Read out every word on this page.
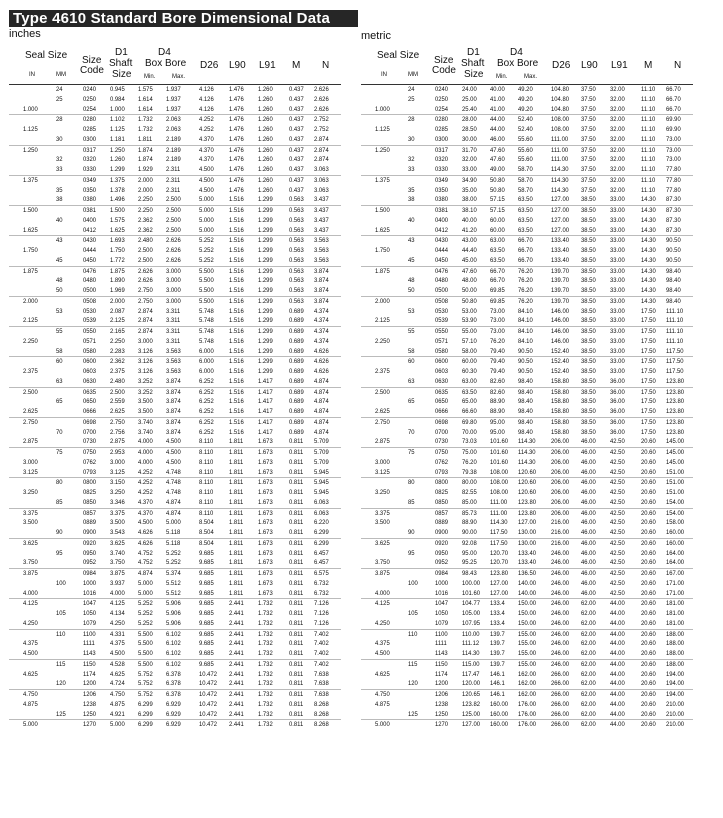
Type 4610 Standard Bore Dimensional Data
inches	metric
Seal Size
IN	MM
Size
Code
D1
Shaft
Size
D4
Box Bore
Min.	Max.
D26 L90 L91 M N
24	0240 0.945 1.575 1.937	4.126 1.476 1.260	0.437 2.626
25	0250 0.984 1.614 1.937	4.126 1.476 1.260	0.437 2.626
1.000	0254 1.000 1.614 1.937	4.126 1.476 1.260	0.437 2.626
28	0280 1.102 1.732 2.063	4.252 1.476 1.260	0.437 2.752
1.125	0285 1.125 1.732 2.063	4.252 1.476 1.260	0.437 2.752
30	0300 1.181 1.811 2.189	4.370 1.476 1.260	0.437 2.874
1.250	0317 1.250 1.874 2.189	4.370 1.476 1.260	0.437 2.874
32	0320 1.260 1.874 2.189	4.370 1.476 1.260	0.437 2.874
33	0330 1.299 1.929 2.311	4.500 1.476 1.260	0.437 3.063
1.375	0349 1.375 2.000 2.311	4.500 1.476 1.260	0.437 3.063
35	0350 1.378 2.000 2.311	4.500 1.476 1.260	0.437 3.063
38	0380 1.496 2.250 2.500	5.000 1.516 1.299	0.563 3.437
1.500	0381 1.500 2.250 2.500	5.000 1.516 1.299	0.563 3.437
40	0400 1.575 2.362 2.500	5.000 1.516 1.299	0.563 3.437
1.625	0412 1.625 2.362 2.500	5.000 1.516 1.299	0.563 3.437
43	0430 1.693 2.480 2.626	5.252 1.516 1.299	0.563 3.563
1.750	0444 1.750 2.500 2.626	5.252 1.516 1.299	0.563 3.563
45	0450 1.772 2.500 2.626	5.252 1.516 1.299	0.563 3.563
1.875	0476 1.875 2.626 3.000	5.500 1.516 1.299	0.563 3.874
48	0480 1.890 2.626 3.000	5.500 1.516 1.299	0.563 3.874
50	0500 1.969 2.750 3.000	5.500 1.516 1.299	0.563 3.874
2.000	0508 2.000 2.750 3.000	5.500 1.516 1.299	0.563 3.874
53	0530 2.087 2.874 3.311	5.748 1.516 1.299	0.689 4.374
2.125	0539 2.125 2.874 3.311	5.748 1.516 1.299	0.689 4.374
55	0550 2.165 2.874 3.311	5.748 1.516 1.299	0.689 4.374
2.250	0571 2.250 3.000 3.311	5.748 1.516 1.299	0.689 4.374
58	0580 2.283 3.126 3.563	6.000 1.516 1.299	0.689 4.626
60	0600 2.362 3.126 3.563	6.000 1.516 1.299	0.689 4.626
2.375	0603 2.375 3.126 3.563	6.000 1.516 1.299	0.689 4.626
63	0630 2.480 3.252 3.874	6.252 1.516 1.417	0.689 4.874
2.500	0635 2.500 3.252 3.874	6.252 1.516 1.417	0.689 4.874
65	0650 2.559 3.500 3.874	6.252 1.516 1.417	0.689 4.874
2.625	0666 2.625 3.500 3.874	6.252 1.516 1.417	0.689 4.874
2.750	0698 2.750 3.740 3.874	6.252 1.516 1.417	0.689 4.874
70	0700 2.756 3.740 3.874	6.252 1.516 1.417	0.689 4.874
2.875	0730 2.875 4.000 4.500	8.110 1.811 1.673	0.811 5.709
75	0750 2.953 4.000 4.500	8.110 1.811 1.673	0.811 5.709
3.000	0762 3.000 4.000 4.500	8.110 1.811 1.673	0.811 5.709
3.125	0793 3.125 4.252 4.748	8.110 1.811 1.673	0.811 5.945
80	0800 3.150 4.252 4.748	8.110 1.811 1.673	0.811 5.945
3.250	0825 3.250 4.252 4.748	8.110 1.811 1.673	0.811 5.945
85	0850 3.346 4.370 4.874	8.110 1.811 1.673	0.811 6.063
3.375	0857 3.375 4.370 4.874	8.110 1.811 1.673	0.811 6.063
3.500	0889 3.500 4.500 5.000	8.504 1.811 1.673	0.811 6.220
90	0900 3.543 4.626 5.118	8.504 1.811 1.673	0.811 6.299
3.625	0920 3.625 4.626 5.118	8.504 1.811 1.673	0.811 6.299
95	0950 3.740 4.752 5.252	9.685 1.811 1.673	0.811 6.457
3.750	0952 3.750 4.752 5.252	9.685 1.811 1.673	0.811 6.457
3.875	0984 3.875 4.874 5.374	9.685 1.811 1.673	0.811 6.575
100	1000 3.937 5.000 5.512	9.685 1.811 1.673	0.811 6.732
4.000	1016 4.000 5.000 5.512	9.685 1.811 1.673	0.811 6.732
4.125	1047 4.125 5.252 5.906	9.685 2.441 1.732	0.811 7.126
105	1050 4.134 5.252 5.906	9.685 2.441 1.732	0.811 7.126
4.250	1079 4.250 5.252 5.906	9.685 2.441 1.732	0.811 7.126
110	1100 4.331 5.500 6.102	9.685 2.441 1.732	0.811 7.402
4.375	1111 4.375 5.500 6.102	9.685 2.441 1.732	0.811 7.402
4.500	1143 4.500 5.500 6.102	9.685 2.441 1.732	0.811 7.402
115	1150 4.528 5.500 6.102	9.685 2.441 1.732	0.811 7.402
4.625	1174 4.625 5.752 6.378	10.472 2.441 1.732	0.811 7.638
120	1200 4.724 5.752 6.378	10.472 2.441 1.732	0.811 7.638
4.750	1206 4.750 5.752 6.378	10.472 2.441 1.732	0.811 7.638
4.875	1238 4.875 6.299 6.929	10.472 2.441 1.732	0.811 8.268
125	1250 4.921 6.299 6.929	10.472 2.441 1.732	0.811 8.268
5.000	1270 5.000 6.299 6.929	10.472 2.441 1.732	0.811 8.268
Seal Size
IN	MM
Size
Code
D1
Shaft
Size
D4
Box Bore
Min.	Max.
D26 L90 L91 M N
24	0240 24.00 40.00 49.20	104.80 37.50 32.00	11.10 66.70
25	0250 25.00 41.00 49.20	104.80 37.50 32.00	11.10 66.70
1.000	0254 25.40 41.00 49.20	104.80 37.50 32.00	11.10 66.70
28	0280 28.00 44.00 52.40	108.00 37.50 32.00	11.10 69.90
1.125	0285 28.50 44.00 52.40	108.00 37.50 32.00	11.10 69.90
30	0300 30.00 46.00 55.60	111.00 37.50 32.00	11.10 73.00
1.250	0317 31.70 47.60 55.60	111.00 37.50 32.00	11.10 73.00
32	0320 32.00 47.60 55.60	111.00 37.50 32.00	11.10 73.00
33	0330 33.00 49.00 58.70	114.30 37.50 32.00	11.10 77.80
1.375	0349 34.90 50.80 58.70	114.30 37.50 32.00	11.10 77.80
35	0350 35.00 50.80 58.70	114.30 37.50 32.00	11.10 77.80
38	0380 38.00 57.15 63.50	127.00 38.50 33.00	14.30 87.30
1.500	0381 38.10 57.15 63.50	127.00 38.50 33.00	14.30 87.30
40	0400 40.00 60.00 63.50	127.00 38.50 33.00	14.30 87.30
1.625	0412 41.20 60.00 63.50	127.00 38.50 33.00	14.30 87.30
43	0430 43.00 63.00 66.70	133.40 38.50 33.00	14.30 90.50
1.750	0444 44.40 63.50 66.70	133.40 38.50 33.00	14.30 90.50
45	0450 45.00 63.50 66.70	133.40 38.50 33.00	14.30 90.50
1.875	0476 47.60 66.70 76.20	139.70 38.50 33.00	14.30 98.40
48	0480 48.00 66.70 76.20	139.70 38.50 33.00	14.30 98.40
50	0500 50.00 69.85 76.20	139.70 38.50 33.00	14.30 98.40
2.000	0508 50.80 69.85 76.20	139.70 38.50 33.00	14.30 98.40
53	0530 53.00 73.00 84.10	146.00 38.50 33.00	17.50 111.10
2.125	0539 53.90 73.00 84.10	146.00 38.50 33.00	17.50 111.10
55	0550 55.00 73.00 84.10	146.00 38.50 33.00	17.50 111.10
2.250	0571 57.10 76.20 84.10	146.00 38.50 33.00	17.50 111.10
58	0580 58.00 79.40 90.50	152.40 38.50 33.00	17.50 117.50
60	0600 60.00 79.40 90.50	152.40 38.50 33.00	17.50 117.50
2.375	0603 60.30 79.40 90.50	152.40 38.50 33.00	17.50 117.50
63	0630 63.00 82.60 98.40	158.80 38.50 36.00	17.50 123.80
2.500	0635 63.50 82.60 98.40	158.80 38.50 36.00	17.50 123.80
65	0650 65.00 88.90 98.40	158.80 38.50 36.00	17.50 123.80
2.625	0666 66.60 88.90 98.40	158.80 38.50 36.00	17.50 123.80
2.750	0698 69.80 95.00 98.40	158.80 38.50 36.00	17.50 123.80
70	0700 70.00 95.00 98.40	158.80 38.50 36.00	17.50 123.80
2.875	0730 73.03 101.60 114.30 206.00 46.00 42.50	20.60 145.00
75	0750 75.00 101.60 114.30 206.00 46.00 42.50	20.60 145.00
3.000	0762 76.20 101.60 114.30 206.00 46.00 42.50	20.60 145.00
3.125	0793 79.38 108.00 120.60 206.00 46.00 42.50	20.60 151.00
80	0800 80.00 108.00 120.60 206.00 46.00 42.50	20.60 151.00
3.250	0825 82.55 108.00 120.60 206.00 46.00 42.50	20.60 151.00
85	0850 85.00 111.00 123.80 206.00 46.00 42.50	20.60 154.00
3.375	0857 85.73 111.00 123.80 206.00 46.00 42.50	20.60 154.00
3.500	0889 88.90 114.30 127.00 216.00 46.00 42.50	20.60 158.00
90	0900 90.00 117.50 130.00 216.00 46.00 42.50	20.60 160.00
3.625	0920 92.08 117.50 130.00 216.00 46.00 42.50	20.60 160.00
95	0950 95.00 120.70 133.40 246.00 46.00 42.50	20.60 164.00
3.750	0952 95.25 120.70 133.40 246.00 46.00 42.50	20.60 164.00
3.875	0984 98.43 123.80 136.50 246.00 46.00 42.50	20.60 167.00
100	1000 100.00 127.00 140.00 246.00 46.00 42.50	20.60 171.00
4.000	1016 101.60 127.00 140.00 246.00 46.00 42.50	20.60 171.00
4.125	1047 104.77 133.4 150.00 246.00 62.00 44.00	20.60 181.00
105	1050 105.00 133.4 150.00 246.00 62.00 44.00	20.60 181.00
4.250	1079 107.95 133.4 150.00 246.00 62.00 44.00	20.60 181.00
110	1100 110.00 139.7 155.00 246.00 62.00 44.00	20.60 188.00
4.375	1111 111.12 139.7 155.00 246.00 62.00 44.00	20.60 188.00
4.500	1143 114.30 139.7 155.00 246.00 62.00 44.00	20.60 188.00
115	1150 115.00 139.7 155.00 246.00 62.00 44.00	20.60 188.00
4.625	1174 117.47 146.1 162.00 266.00 62.00 44.00	20.60 194.00
120	1200 120.00 146.1 162.00 266.00 62.00 44.00	20.60 194.00
4.750	1206 120.65 146.1 162.00 266.00 62.00 44.00	20.60 194.00
4.875	1238 123.82 160.00 176.00 266.00 62.00 44.00	20.60 210.00
125	1250 125.00 160.00 176.00 266.00 62.00 44.00	20.60 210.00
5.000	1270 127.00 160.00 176.00 266.00 62.00 44.00	20.60 210.00
